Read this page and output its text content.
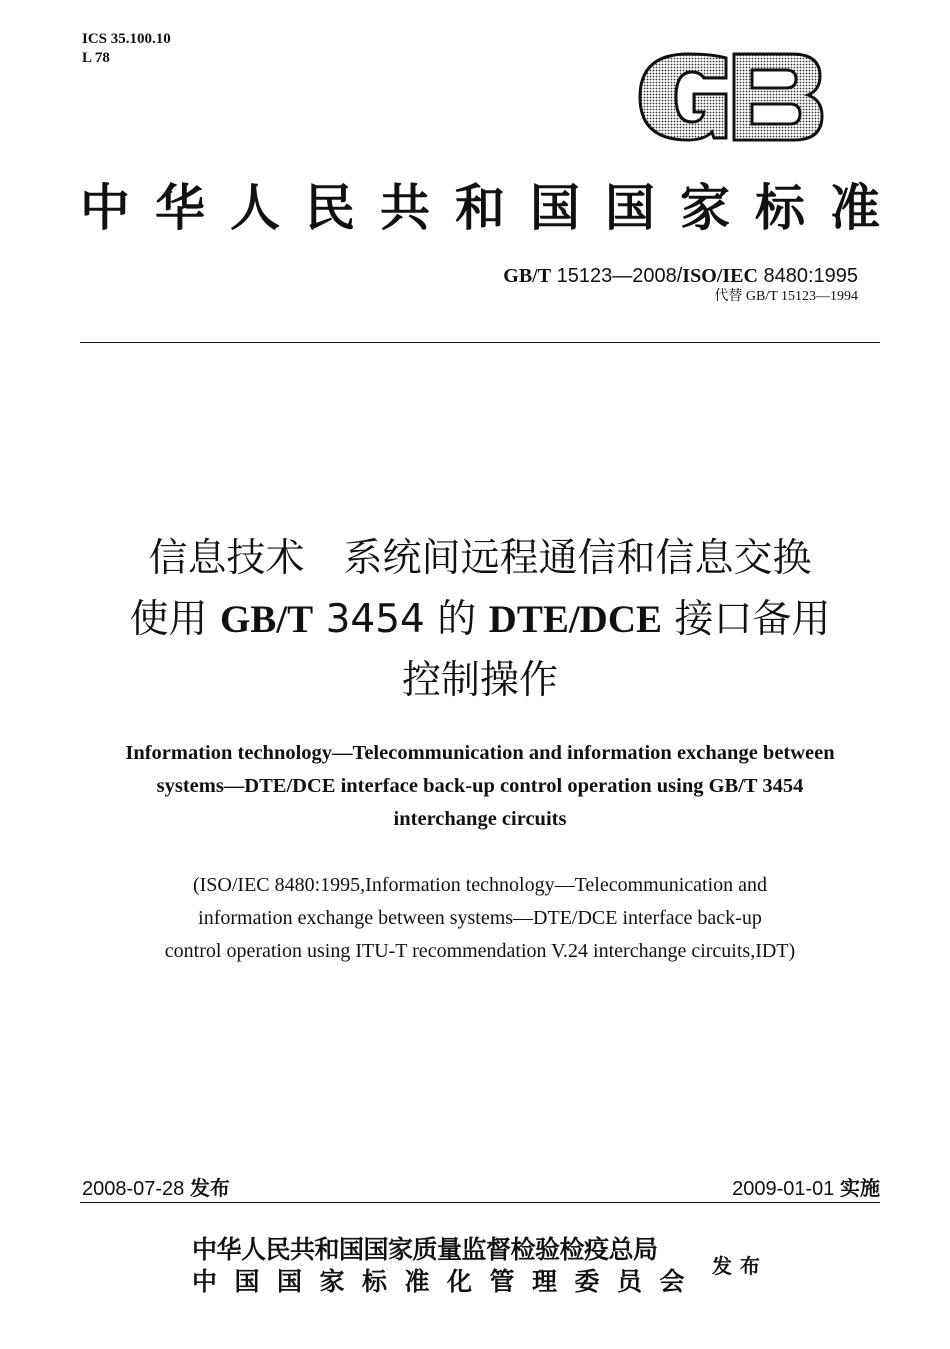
ICS 35.100.10
L 78
中华人民共和国国家标准
GB/T 15123—2008/ISO/IEC 8480:1995
代替 GB/T 15123—1994
信息技术　系统间远程通信和信息交换
使用 GB/T 3454 的 DTE/DCE 接口备用
控制操作
Information technology—Telecommunication and information exchange between
systems—DTE/DCE interface back-up control operation using GB/T 3454
interchange circuits
(ISO/IEC 8480:1995,Information technology—Telecommunication and
information exchange between systems—DTE/DCE interface back-up
control operation using ITU-T recommendation V.24 interchange circuits,IDT)
2008-07-28 发布	2009-01-01 实施
中华人民共和国国家质量监督检验检疫总局
中国国家标准化管理委员会
发布
